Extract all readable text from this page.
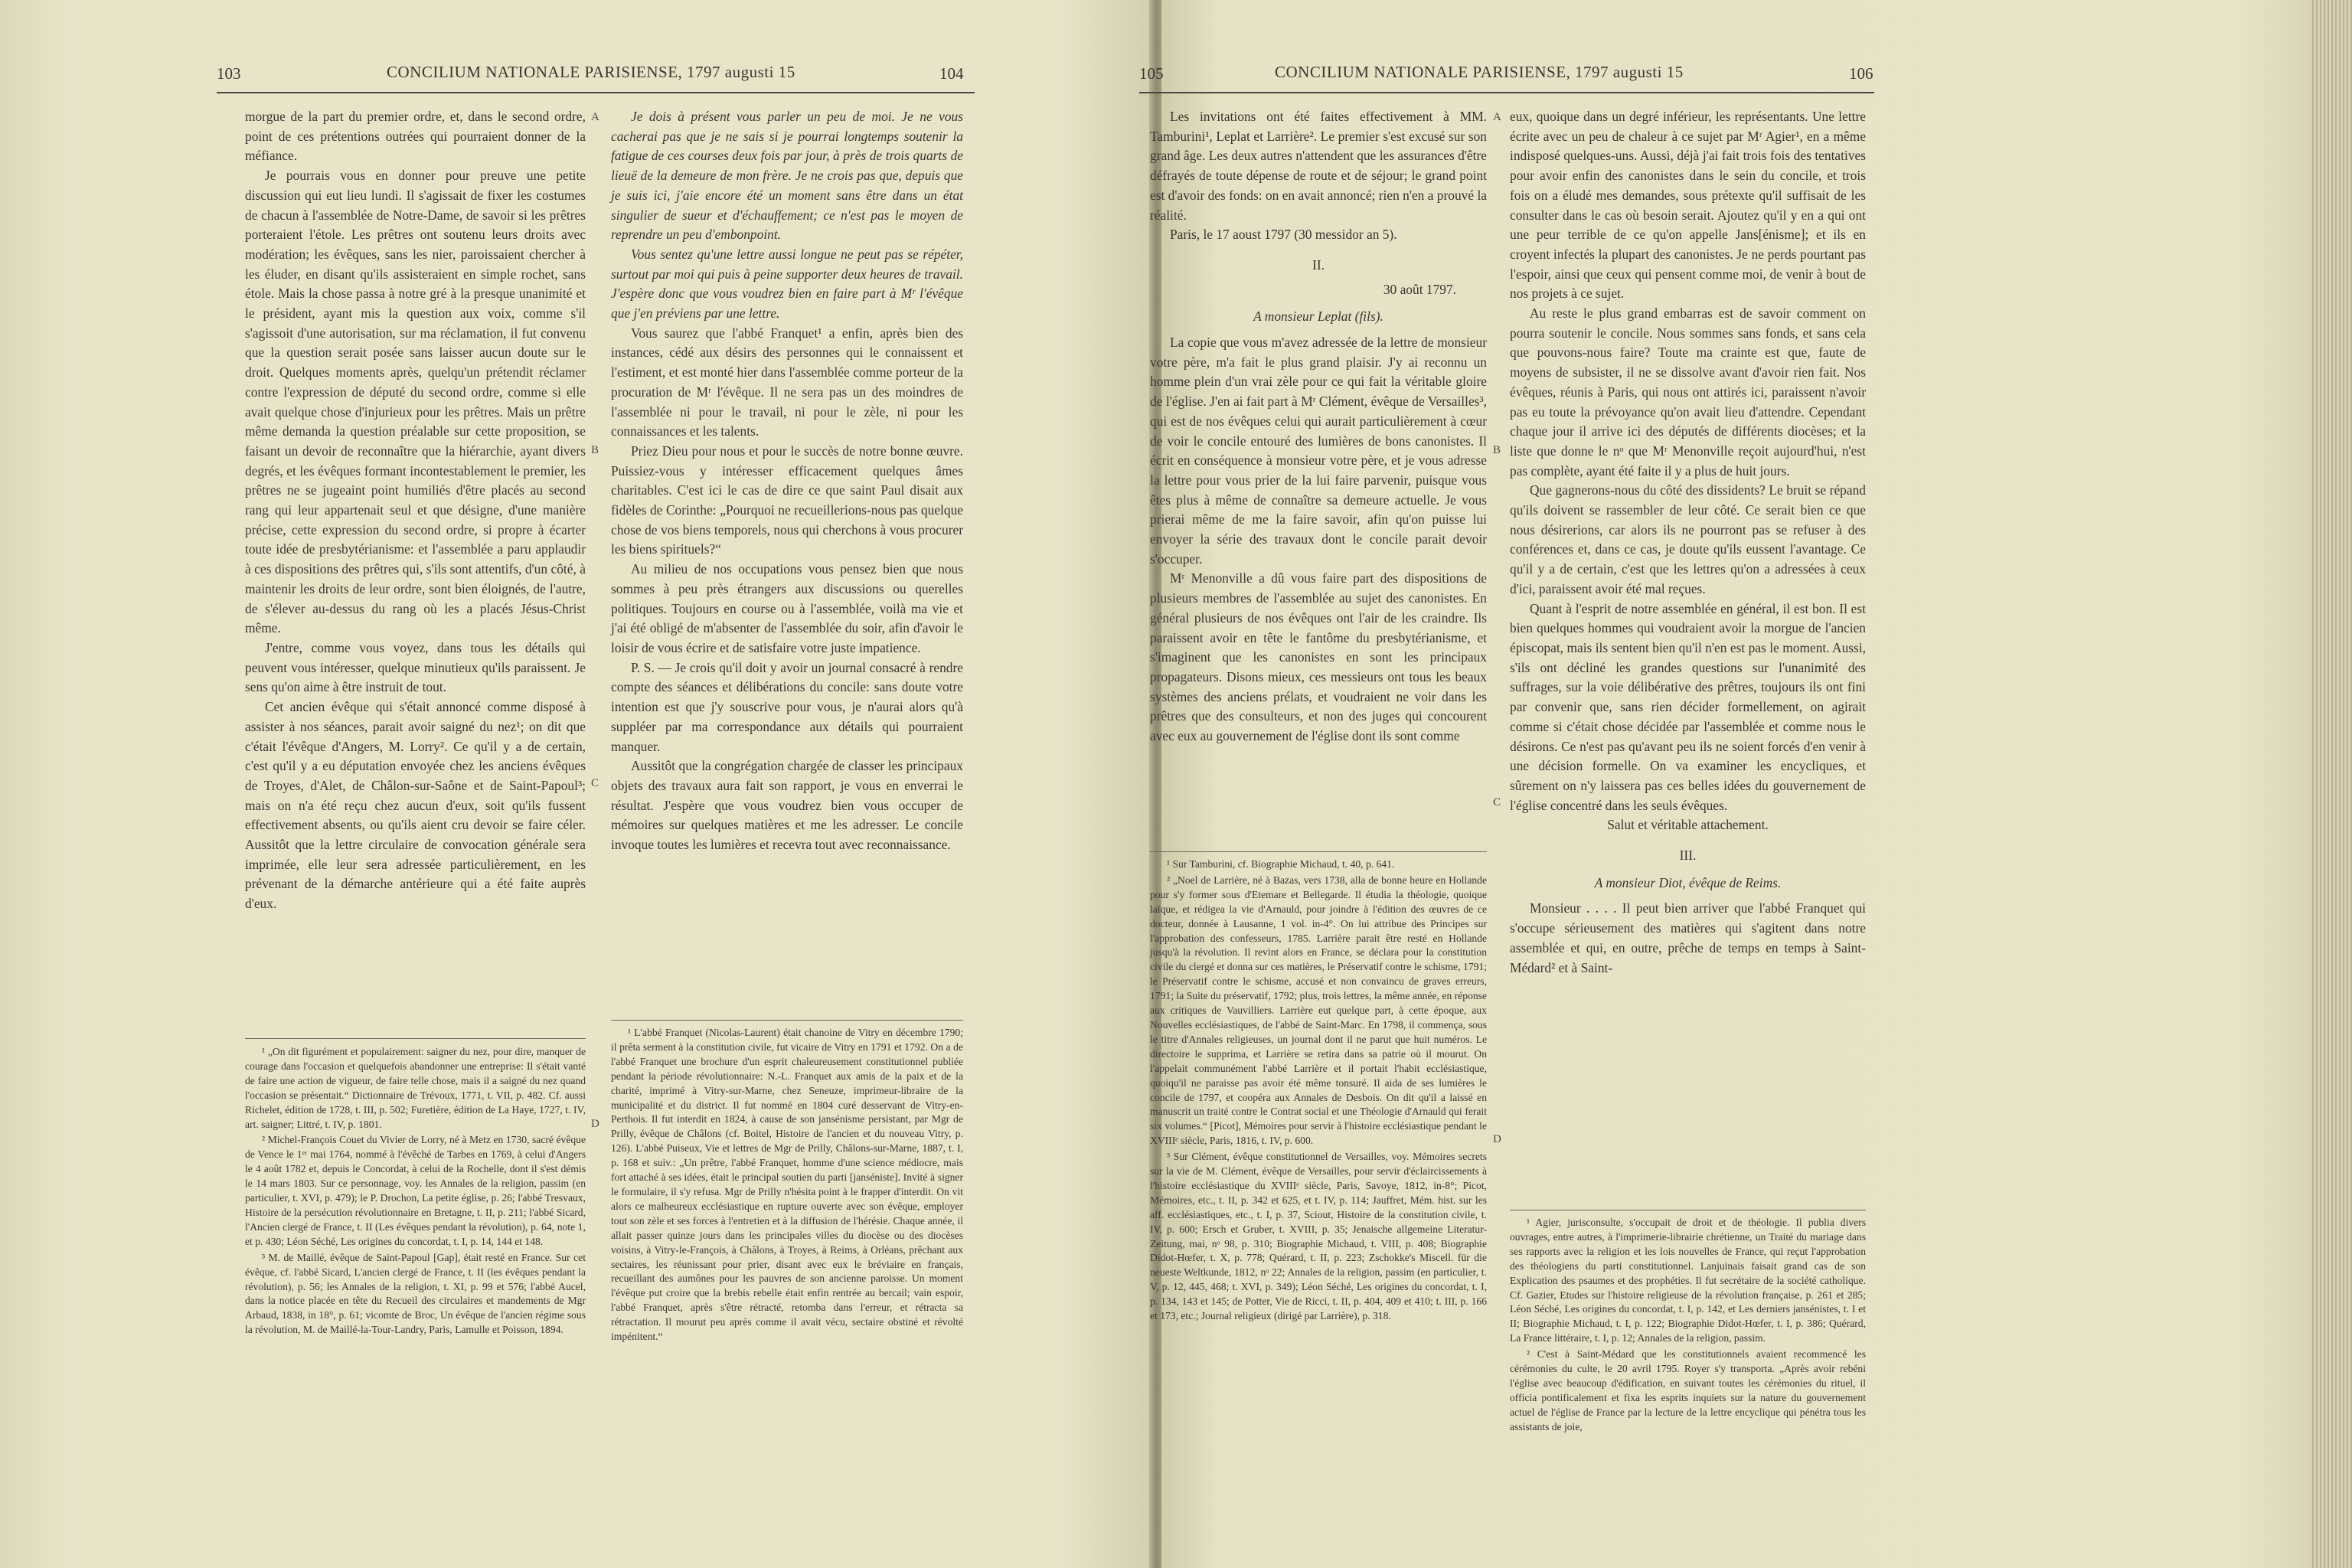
103	CONCILIUM NATIONALE PARISIENSE, 1797 augusti 15	104
A
B
C
D

morgue de la part du premier ordre, et, dans le second ordre, point de ces prétentions outrées qui pourraient donner de la méfiance.

Je pourrais vous en donner pour preuve une petite discussion qui eut lieu lundi. Il s'agissait de fixer les costumes de chacun à l'assemblée de Notre-Dame, de savoir si les prêtres porteraient l'étole. Les prêtres ont soutenu leurs droits avec modération; les évêques, sans les nier, paroissaient chercher à les éluder, en disant qu'ils assisteraient en simple rochet, sans étole. Mais la chose passa à notre gré à la presque unanimité et le président, ayant mis la question aux voix, comme s'il s'agissoit d'une autorisation, sur ma réclamation, il fut convenu que la question serait posée sans laisser aucun doute sur le droit. Quelques moments après, quelqu'un prétendit réclamer contre l'expression de député du second ordre, comme si elle avait quelque chose d'injurieux pour les prêtres. Mais un prêtre même demanda la question préalable sur cette proposition, se faisant un devoir de reconnaître que la hiérarchie, ayant divers degrés, et les évêques formant incontestablement le premier, les prêtres ne se jugeaint point humiliés d'être placés au second rang qui leur appartenait seul et que désigne, d'une manière précise, cette expression du second ordre, si propre à écarter toute idée de presbytérianisme: et l'assemblée a paru applaudir à ces dispositions des prêtres qui, s'ils sont attentifs, d'un côté, à maintenir les droits de leur ordre, sont bien éloignés, de l'autre, de s'élever au-dessus du rang où les a placés Jésus-Christ même.

J'entre, comme vous voyez, dans tous les détails qui peuvent vous intéresser, quelque minutieux qu'ils paraissent. Je sens qu'on aime à être instruit de tout.

Cet ancien évêque qui s'était annoncé comme disposé à assister à nos séances, parait avoir saigné du nez¹; on dit que c'était l'évêque d'Angers, M. Lorry². Ce qu'il y a de certain, c'est qu'il y a eu députation envoyée chez les anciens évêques de Troyes, d'Alet, de Châlon-sur-Saône et de Saint-Papoul³; mais on n'a été reçu chez aucun d'eux, soit qu'ils fussent effectivement absents, ou qu'ils aient cru devoir se faire céler. Aussitôt que la lettre circulaire de convocation générale sera imprimée, elle leur sera adressée particulièrement, en les prévenant de la démarche antérieure qui a été faite auprès d'eux.

Je dois à présent vous parler un peu de moi. Je ne vous cacherai pas que je ne sais si je pourrai longtemps soutenir la fatigue de ces courses deux fois par jour, à près de trois quarts de lieuë de la demeure de mon frère. Je ne crois pas que, depuis que je suis ici, j'aie encore été un moment sans être dans un état singulier de sueur et d'échauffement; ce n'est pas le moyen de reprendre un peu d'embonpoint.

Vous sentez qu'une lettre aussi longue ne peut pas se répéter, surtout par moi qui puis à peine supporter deux heures de travail. J'espère donc que vous voudrez bien en faire part à Mʳ l'évêque que j'en préviens par une lettre.

Vous saurez que l'abbé Franquet¹ a enfin, après bien des instances, cédé aux désirs des personnes qui le connaissent et l'estiment, et est monté hier dans l'assemblée comme porteur de la procuration de Mʳ l'évêque. Il ne sera pas un des moindres de l'assemblée ni pour le travail, ni pour le zèle, ni pour les connaissances et les talents.

Priez Dieu pour nous et pour le succès de notre bonne œuvre. Puissiez-vous y intéresser efficacement quelques âmes charitables. C'est ici le cas de dire ce que saint Paul disait aux fidèles de Corinthe: „Pourquoi ne recueillerions-nous pas quelque chose de vos biens temporels, nous qui cherchons à vous procurer les biens spirituels?“

Au milieu de nos occupations vous pensez bien que nous sommes à peu près étrangers aux discussions ou querelles politiques. Toujours en course ou à l'assemblée, voilà ma vie et j'ai été obligé de m'absenter de l'assemblée du soir, afin d'avoir le loisir de vous écrire et de satisfaire votre juste impatience.

P. S. — Je crois qu'il doit y avoir un journal consacré à rendre compte des séances et délibérations du concile: sans doute votre intention est que j'y souscrive pour vous, je n'aurai alors qu'à suppléer par ma correspondance aux détails qui pourraient manquer.

Aussitôt que la congrégation chargée de classer les principaux objets des travaux aura fait son rapport, je vous en enverrai le résultat. J'espère que vous voudrez bien vous occuper de mémoires sur quelques matières et me les adresser. Le concile invoque toutes les lumières et recevra tout avec reconnaissance.

¹ „On dit figurément et populairement: saigner du nez, pour dire, manquer de courage dans l'occasion et quelquefois abandonner une entreprise: Il s'était vanté de faire une action de vigueur, de faire telle chose, mais il a saigné du nez quand l'occasion se présentait.“ Dictionnaire de Trévoux, 1771, t. VII, p. 482. Cf. aussi Richelet, édition de 1728, t. III, p. 502; Furetière, édition de La Haye, 1727, t. IV, art. saigner; Littré, t. IV, p. 1801.

² Michel-François Couet du Vivier de Lorry, né à Metz en 1730, sacré évêque de Vence le 1ᵉʳ mai 1764, nommé à l'évêché de Tarbes en 1769, à celui d'Angers le 4 août 1782 et, depuis le Concordat, à celui de la Rochelle, dont il s'est démis le 14 mars 1803. Sur ce personnage, voy. les Annales de la religion, passim (en particulier, t. XVI, p. 479); le P. Drochon, La petite église, p. 26; l'abbé Tresvaux, Histoire de la persécution révolutionnaire en Bretagne, t. II, p. 211; l'abbé Sicard, l'Ancien clergé de France, t. II (Les évêques pendant la révolution), p. 64, note 1, et p. 430; Léon Séché, Les origines du concordat, t. I, p. 14, 144 et 148.

³ M. de Maillé, évêque de Saint-Papoul [Gap], était resté en France. Sur cet évêque, cf. l'abbé Sicard, L'ancien clergé de France, t. II (les évêques pendant la révolution), p. 56; les Annales de la religion, t. XI, p. 99 et 576; l'abbé Aucel, dans la notice placée en tête du Recueil des circulaires et mandements de Mgr Arbaud, 1838, in 18°, p. 61; vicomte de Broc, Un évêque de l'ancien régime sous la révolution, M. de Maillé-la-Tour-Landry, Paris, Lamulle et Poisson, 1894.

¹ L'abbé Franquet (Nicolas-Laurent) était chanoine de Vitry en décembre 1790; il prêta serment à la constitution civile, fut vicaire de Vitry en 1791 et 1792. On a de l'abbé Franquet une brochure d'un esprit chaleureusement constitutionnel publiée pendant la période révolutionnaire: N.-L. Franquet aux amis de la paix et de la charité, imprimé à Vitry-sur-Marne, chez Seneuze, imprimeur-libraire de la municipalité et du district. Il fut nommé en 1804 curé desservant de Vitry-en-Perthois. Il fut interdit en 1824, à cause de son jansénisme persistant, par Mgr de Prilly, évêque de Châlons (cf. Boitel, Histoire de l'ancien et du nouveau Vitry, p. 126). L'abbé Puiseux, Vie et lettres de Mgr de Prilly, Châlons-sur-Marne, 1887, t. I, p. 168 et suiv.: „Un prêtre, l'abbé Franquet, homme d'une science médiocre, mais fort attaché à ses idées, était le principal soutien du parti [janséniste]. Invité à signer le formulaire, il s'y refusa. Mgr de Prilly n'hésita point à le frapper d'interdit. On vit alors ce malheureux ecclésiastique en rupture ouverte avec son évêque, employer tout son zèle et ses forces à l'entretien et à la diffusion de l'hérésie. Chaque année, il allait passer quinze jours dans les principales villes du diocèse ou des diocèses voisins, à Vitry-le-François, à Châlons, à Troyes, à Reims, à Orléans, prêchant aux sectaires, les réunissant pour prier, disant avec eux le bréviaire en français, recueillant des aumônes pour les pauvres de son ancienne paroisse. Un moment l'évêque put croire que la brebis rebelle était enfin rentrée au bercail; vain espoir, l'abbé Franquet, après s'être rétracté, retomba dans l'erreur, et rétracta sa rétractation. Il mourut peu après comme il avait vécu, sectaire obstiné et révolté impénitent.“

105	CONCILIUM NATIONALE PARISIENSE, 1797 augusti 15	106
A
B
C
D

Les invitations ont été faites effectivement à MM. Tamburini¹, Leplat et Larrière². Le premier s'est excusé sur son grand âge. Les deux autres n'attendent que les assurances d'être défrayés de toute dépense de route et de séjour; le grand point est d'avoir des fonds: on en avait annoncé; rien n'en a prouvé la réalité.

Paris, le 17 aoust 1797 (30 messidor an 5).

II.

30 août 1797.

A monsieur Leplat (fils).

La copie que vous m'avez adressée de la lettre de monsieur votre père, m'a fait le plus grand plaisir. J'y ai reconnu un homme plein d'un vrai zèle pour ce qui fait la véritable gloire de l'église. J'en ai fait part à Mʳ Clément, évêque de Versailles³, qui est de nos évêques celui qui aurait particulièrement à cœur de voir le concile entouré des lumières de bons canonistes. Il écrit en conséquence à monsieur votre père, et je vous adresse la lettre pour vous prier de la lui faire parvenir, puisque vous êtes plus à même de connaître sa demeure actuelle. Je vous prierai même de me la faire savoir, afin qu'on puisse lui envoyer la série des travaux dont le concile parait devoir s'occuper.

Mʳ Menonville a dû vous faire part des dispositions de plusieurs membres de l'assemblée au sujet des canonistes. En général plusieurs de nos évêques ont l'air de les craindre. Ils paraissent avoir en tête le fantôme du presbytérianisme, et s'imaginent que les canonistes en sont les principaux propagateurs. Disons mieux, ces messieurs ont tous les beaux systèmes des anciens prélats, et voudraient ne voir dans les prêtres que des consulteurs, et non des juges qui concourent avec eux au gouvernement de l'église dont ils sont comme

eux, quoique dans un degré inférieur, les représentants. Une lettre écrite avec un peu de chaleur à ce sujet par Mʳ Agier¹, en a même indisposé quelques-uns. Aussi, déjà j'ai fait trois fois des tentatives pour avoir enfin des canonistes dans le sein du concile, et trois fois on a éludé mes demandes, sous prétexte qu'il suffisait de les consulter dans le cas où besoin serait. Ajoutez qu'il y en a qui ont une peur terrible de ce qu'on appelle Jans[énisme]; et ils en croyent infectés la plupart des canonistes. Je ne perds pourtant pas l'espoir, ainsi que ceux qui pensent comme moi, de venir à bout de nos projets à ce sujet.

Au reste le plus grand embarras est de savoir comment on pourra soutenir le concile. Nous sommes sans fonds, et sans cela que pouvons-nous faire? Toute ma crainte est que, faute de moyens de subsister, il ne se dissolve avant d'avoir rien fait. Nos évêques, réunis à Paris, qui nous ont attirés ici, paraissent n'avoir pas eu toute la prévoyance qu'on avait lieu d'attendre. Cependant chaque jour il arrive ici des députés de différents diocèses; et la liste que donne le nᵒ que Mʳ Menonville reçoit aujourd'hui, n'est pas complète, ayant été faite il y a plus de huit jours.

Que gagnerons-nous du côté des dissidents? Le bruit se répand qu'ils doivent se rassembler de leur côté. Ce serait bien ce que nous désirerions, car alors ils ne pourront pas se refuser à des conférences et, dans ce cas, je doute qu'ils eussent l'avantage. Ce qu'il y a de certain, c'est que les lettres qu'on a adressées à ceux d'ici, paraissent avoir été mal reçues.

Quant à l'esprit de notre assemblée en général, il est bon. Il est bien quelques hommes qui voudraient avoir la morgue de l'ancien épiscopat, mais ils sentent bien qu'il n'en est pas le moment. Aussi, s'ils ont décliné les grandes questions sur l'unanimité des suffrages, sur la voie délibérative des prêtres, toujours ils ont fini par convenir que, sans rien décider formellement, on agirait comme si c'était chose décidée par l'assemblée et comme nous le désirons. Ce n'est pas qu'avant peu ils ne soient forcés d'en venir à une décision formelle. On va examiner les encycliques, et sûrement on n'y laissera pas ces belles idées du gouvernement de l'église concentré dans les seuls évêques.

Salut et véritable attachement.

III.

A monsieur Diot, évêque de Reims.

Monsieur . . . . Il peut bien arriver que l'abbé Franquet qui s'occupe sérieusement des matières qui s'agitent dans notre assemblée et qui, en outre, prêche de temps en temps à Saint-Médard² et à Saint-

¹ Sur Tamburini, cf. Biographie Michaud, t. 40, p. 641.

² „Noel de Larrière, né à Bazas, vers 1738, alla de bonne heure en Hollande pour s'y former sous d'Etemare et Bellegarde. Il étudia la théologie, quoique laïque, et rédigea la vie d'Arnauld, pour joindre à l'édition des œuvres de ce docteur, donnée à Lausanne, 1 vol. in-4°. On lui attribue des Principes sur l'approbation des confesseurs, 1785. Larrière parait être resté en Hollande jusqu'à la révolution. Il revint alors en France, se déclara pour la constitution civile du clergé et donna sur ces matières, le Préservatif contre le schisme, 1791; le Préservatif contre le schisme, accusé et non convaincu de graves erreurs, 1791; la Suite du préservatif, 1792; plus, trois lettres, la même année, en réponse aux critiques de Vauvilliers. Larrière eut quelque part, à cette époque, aux Nouvelles ecclésiastiques, de l'abbé de Saint-Marc. En 1798, il commença, sous le titre d'Annales religieuses, un journal dont il ne parut que huit numéros. Le directoire le supprima, et Larrière se retira dans sa patrie où il mourut. On l'appelait communément l'abbé Larrière et il portait l'habit ecclésiastique, quoiqu'il ne paraisse pas avoir été même tonsuré. Il aida de ses lumières le concile de 1797, et coopéra aux Annales de Desbois. On dit qu'il a laissé en manuscrit un traité contre le Contrat social et une Théologie d'Arnauld qui ferait six volumes.“ [Picot], Mémoires pour servir à l'histoire ecclésiastique pendant le XVIIIᵉ siècle, Paris, 1816, t. IV, p. 600.

³ Sur Clément, évêque constitutionnel de Versailles, voy. Mémoires secrets sur la vie de M. Clément, évêque de Versailles, pour servir d'éclaircissements à l'histoire ecclésiastique du XVIIIᵉ siècle, Paris, Savoye, 1812, in-8°; Picot, Mémoires, etc., t. II, p. 342 et 625, et t. IV, p. 114; Jauffret, Mém. hist. sur les aff. ecclésiastiques, etc., t. I, p. 37, Sciout, Histoire de la constitution civile, t. IV, p. 600; Ersch et Gruber, t. XVIII, p. 35; Jenaische allgemeine Literatur-Zeitung, mai, nᵒ 98, p. 310; Biographie Michaud, t. VIII, p. 408; Biographie Didot-Hœfer, t. X, p. 778; Quérard, t. II, p. 223; Zschokke's Miscell. für die neueste Weltkunde, 1812, nᵒ 22; Annales de la religion, passim (en particulier, t. V, p. 12, 445, 468; t. XVI, p. 349); Léon Séché, Les origines du concordat, t. I, p. 134, 143 et 145; de Potter, Vie de Ricci, t. II, p. 404, 409 et 410; t. III, p. 166 et 173, etc.; Journal religieux (dirigé par Larrière), p. 318.

¹ Agier, jurisconsulte, s'occupait de droit et de théologie. Il publia divers ouvrages, entre autres, à l'imprimerie-librairie chrétienne, un Traité du mariage dans ses rapports avec la religion et les lois nouvelles de France, qui reçut l'approbation des théologiens du parti constitutionnel. Lanjuinais faisait grand cas de son Explication des psaumes et des prophéties. Il fut secrétaire de la société catholique. Cf. Gazier, Etudes sur l'histoire religieuse de la révolution française, p. 261 et 285; Léon Séché, Les origines du concordat, t. I, p. 142, et Les derniers jansénistes, t. I et II; Biographie Michaud, t. I, p. 122; Biographie Didot-Hœfer, t. I, p. 386; Quérard, La France littéraire, t. I, p. 12; Annales de la religion, passim.

² C'est à Saint-Médard que les constitutionnels avaient recommencé les cérémonies du culte, le 20 avril 1795. Royer s'y transporta. „Après avoir rebéni l'église avec beaucoup d'édification, en suivant toutes les cérémonies du rituel, il officia pontificalement et fixa les esprits inquiets sur la nature du gouvernement actuel de l'église de France par la lecture de la lettre encyclique qui pénétra tous les assistants de joie,
